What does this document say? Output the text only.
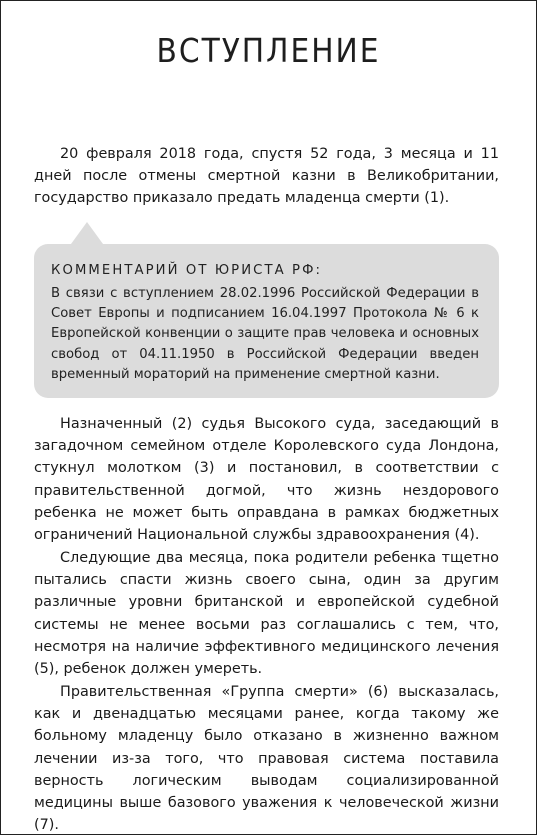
ВСТУПЛЕНИЕ

20 февраля 2018 года, спустя 52 года, 3 месяца и 11 дней после отмены смертной казни в Великобритании, государство приказало предать младенца смерти (1).

КОММЕНТАРИЙ ОТ ЮРИСТА РФ:

В связи с вступлением 28.02.1996 Российской Федерации в Совет Европы и подписанием 16.04.1997 Протокола № 6 к Европейской конвенции о защите прав человека и основных свобод от 04.11.1950 в Российской Федерации введен временный мораторий на применение смертной казни.

Назначенный (2) судья Высокого суда, заседающий в загадочном семейном отделе Королевского суда Лондона, стукнул молотком (3) и постановил, в соответствии с правительственной догмой, что жизнь нездорового ребенка не может быть оправдана в рамках бюджетных ограничений Национальной службы здравоохранения (4).

Следующие два месяца, пока родители ребенка тщетно пытались спасти жизнь своего сына, один за другим различные уровни британской и европейской судебной системы не менее восьми раз соглашались с тем, что, несмотря на наличие эффективного медицинского лечения (5), ребенок должен умереть.

Правительственная «Группа смерти» (6) высказалась, как и двенадцатью месяцами ранее, когда такому же больному младенцу было отказано в жизненно важном лечении из-за того, что правовая система поставила верность логическим выводам социализированной медицины выше базового уважения к человеческой жизни (7).
